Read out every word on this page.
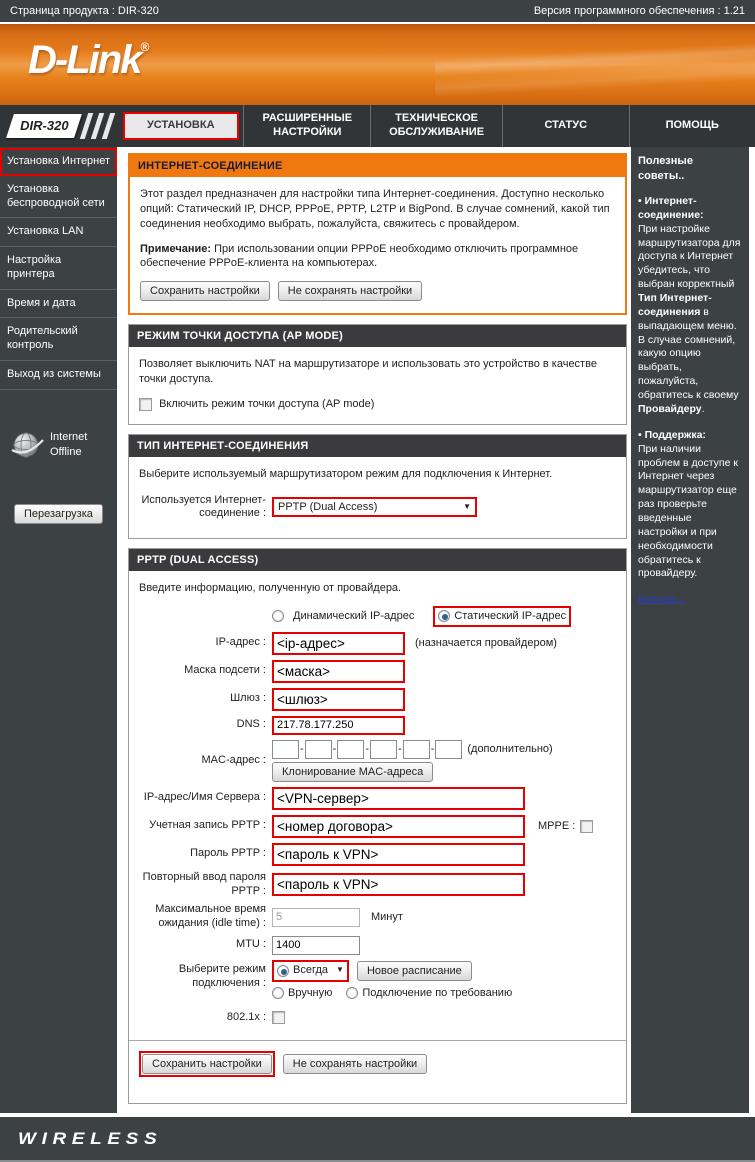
Страница продукта : DIR-320	Версия программного обеспечения : 1.21
D-Link®
DIR-320	УСТАНОВКА
РАСШИРЕННЫЕ НАСТРОЙКИ
ТЕХНИЧЕСКОЕ ОБСЛУЖИВАНИЕ
СТАТУС	ПОМОЩЬ
Установка Интернет
Установка беспроводной сети
Установка LAN
Настройка принтера
Время и дата
Родительский контроль
Выход из системы
Internet
Offline
Перезагрузка
ИНТЕРНЕТ-СОЕДИНЕНИЕ

Этот раздел предназначен для настройки типа Интернет-соединения. Доступно несколько опций: Статический IP, DHCP, PPPoE, PPTP, L2TP и BigPond. В случае сомнений, какой тип соединения необходимо выбрать, пожалуйста, свяжитесь с провайдером.

Примечание: При использовании опции PPPoE необходимо отключить программное обеспечение PPPoE-клиента на компьютерах.

Сохранить настройки	Не сохранять настройки
РЕЖИМ ТОЧКИ ДОСТУПА (AP MODE)

Позволяет выключить NAT на маршрутизаторе и использовать это устройство в качестве точки доступа.

Включить режим точки доступа (AP mode)
ТИП ИНТЕРНЕТ-СОЕДИНЕНИЯ

Выберите используемый маршрутизатором режим для подключения к Интернет.

Используется Интернет-соединение :
PPTP (Dual Access)	▼
PPTP (DUAL ACCESS)

Введите информацию, полученную от провайдера.

Динамический IP-адрес	Статический IP-адрес
IP-адрес :
<ip-адрес>	(назначается провайдером)
Маска подсети :
<маска>
Шлюз :
<шлюз>
DNS :
217.78.177.250
MAC-адрес :
-	-	-	-	-	(дополнительно)
Клонирование MAC-адреса
IP-адрес/Имя Сервера :
<VPN-сервер>
Учетная запись PPTP :
<номер договора>	MPPE :
Пароль PPTP :
<пароль к VPN>
Повторный ввод пароля PPTP :
<пароль к VPN>
Максимальное время ожидания (idle time) :
5
Минут
MTU :
1400
Выберите режим подключения :
Всегда ▼	Новое расписание
Вручную	Подключение по требованию
802.1x :
Сохранить настройки	Не сохранять настройки
Полезные советы..

• Интернет-соединение:
При настройке маршрутизатора для доступа к Интернет убедитесь, что выбран корректный Тип Интернет-соединения в выпадающем меню. В случае сомнений, какую опцию выбрать, пожалуйста, обратитесь к своему Провайдеру.

• Поддержка:
При наличии проблем в доступе к Интернет через маршрутизатор еще раз проверьте введенные настройки и при необходимости обратитесь к провайдеру.

Больше...

WIRELESS
